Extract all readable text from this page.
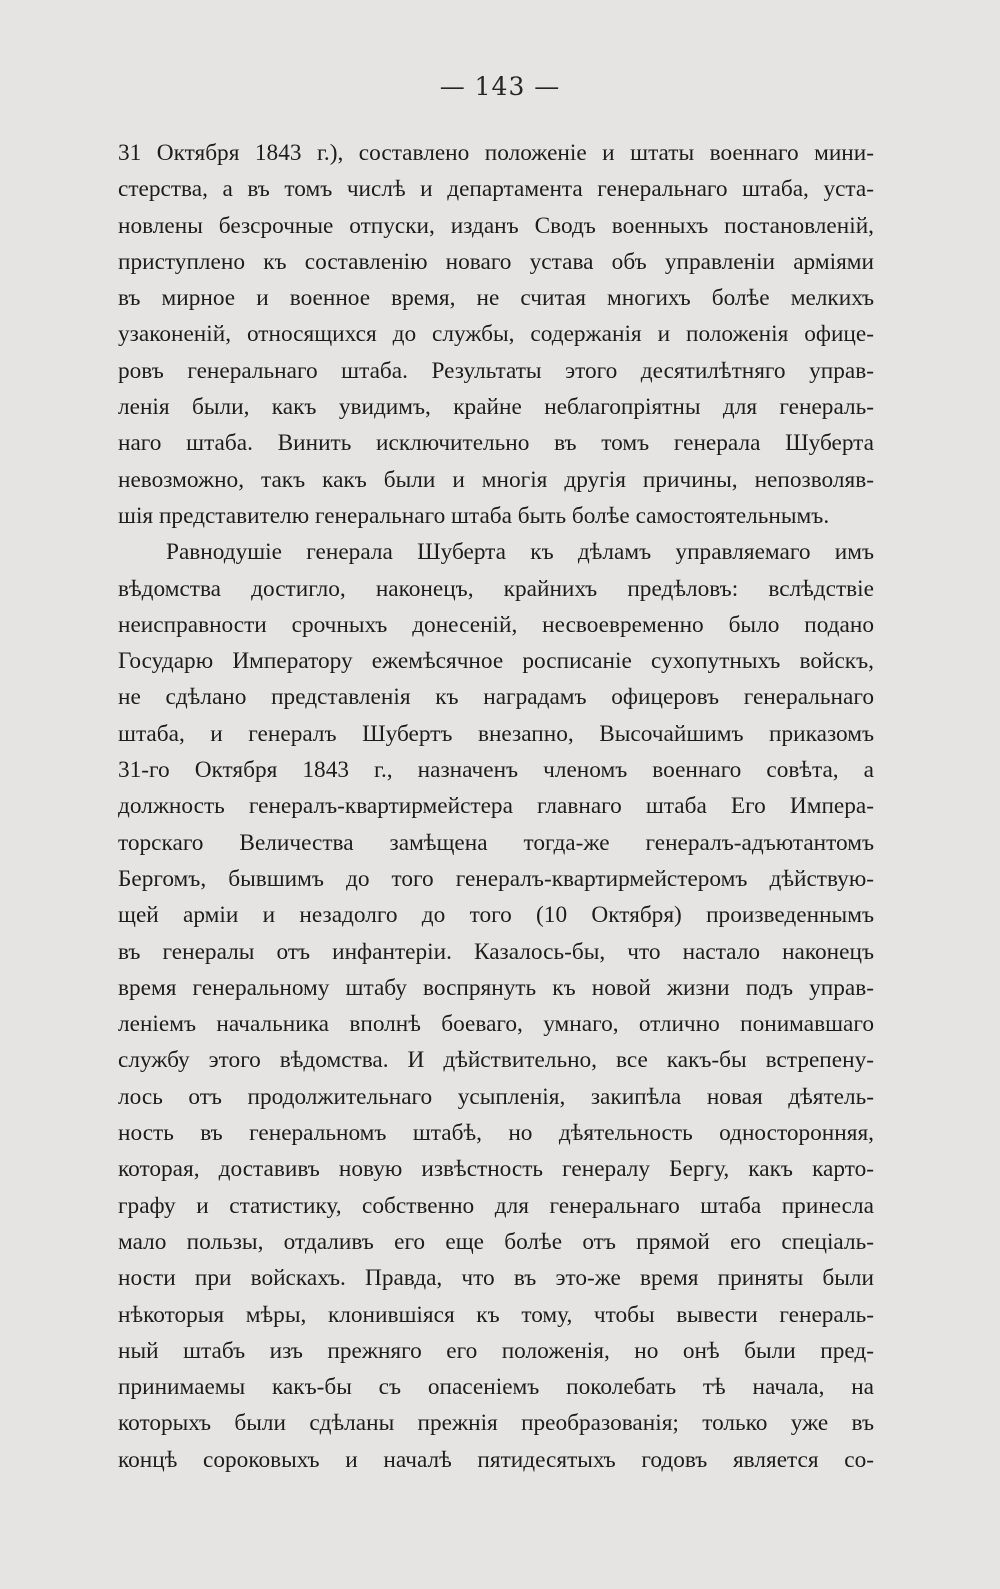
— 143 —
31 Октября 1843 г.), составлено положеніе и штаты военнаго мини-
стерства, а въ томъ числѣ и департамента генеральнаго штаба, уста-
новлены безсрочные отпуски, изданъ Сводъ военныхъ постановленій,
приступлено къ составленію новаго устава объ управленіи арміями
въ мирное и военное время, не считая многихъ болѣе мелкихъ
узаконеній, относящихся до службы, содержанія и положенія офице-
ровъ генеральнаго штаба. Результаты этого десятилѣтняго управ-
ленія были, какъ увидимъ, крайне неблагопріятны для генераль-
наго штаба. Винить исключительно въ томъ генерала Шуберта
невозможно, такъ какъ были и многія другія причины, непозволяв-
шія представителю генеральнаго штаба быть болѣе самостоятельнымъ.
Равнодушіе генерала Шуберта къ дѣламъ управляемаго имъ
вѣдомства достигло, наконецъ, крайнихъ предѣловъ: вслѣдствіе
неисправности срочныхъ донесеній, несвоевременно было подано
Государю Императору ежемѣсячное росписаніе сухопутныхъ войскъ,
не сдѣлано представленія къ наградамъ офицеровъ генеральнаго
штаба, и генералъ Шубертъ внезапно, Высочайшимъ приказомъ
31-го Октября 1843 г., назначенъ членомъ военнаго совѣта, а
должность генералъ-квартирмейстера главнаго штаба Его Импера-
торскаго Величества замѣщена тогда-же генералъ-адъютантомъ
Бергомъ, бывшимъ до того генералъ-квартирмейстеромъ дѣйствую-
щей арміи и незадолго до того (10 Октября) произведеннымъ
въ генералы отъ инфантеріи. Казалось-бы, что настало наконецъ
время генеральному штабу воспрянуть къ новой жизни подъ управ-
леніемъ начальника вполнѣ боеваго, умнаго, отлично понимавшаго
службу этого вѣдомства. И дѣйствительно, все какъ-бы встрепену-
лось отъ продолжительнаго усыпленія, закипѣла новая дѣятель-
ность въ генеральномъ штабѣ, но дѣятельность односторонняя,
которая, доставивъ новую извѣстность генералу Бергу, какъ карто-
графу и статистику, собственно для генеральнаго штаба принесла
мало пользы, отдаливъ его еще болѣе отъ прямой его спеціаль-
ности при войскахъ. Правда, что въ это-же время приняты были
нѣкоторыя мѣры, клонившіяся къ тому, чтобы вывести генераль-
ный штабъ изъ прежняго его положенія, но онѣ были пред-
принимаемы какъ-бы съ опасеніемъ поколебать тѣ начала, на
которыхъ были сдѣланы прежнія преобразованія; только уже въ
концѣ сороковыхъ и началѣ пятидесятыхъ годовъ является со-
